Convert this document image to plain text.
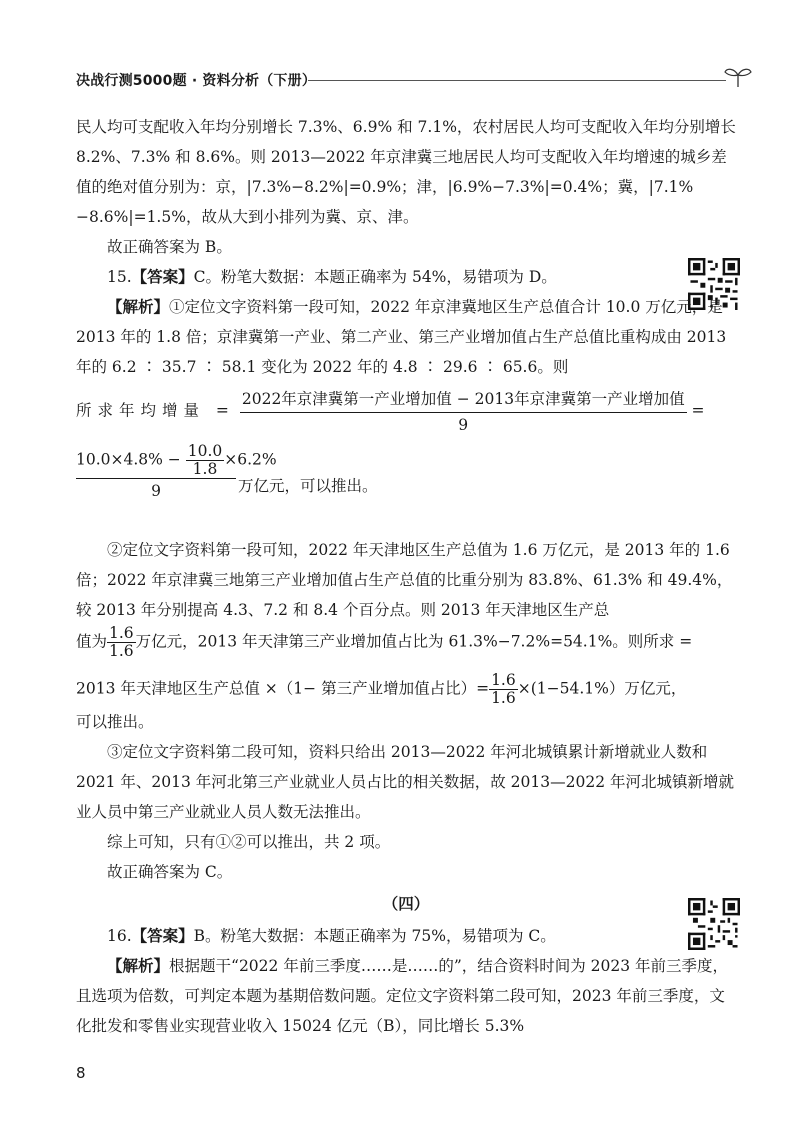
决战行测5000题 · 资料分析（下册）

民人均可支配收入年均分别增长 7.3%、6.9% 和 7.1%，农村居民人均可支配收入年均分别增长 8.2%、7.3% 和 8.6%。则 2013—2022 年京津冀三地居民人均可支配收入年均增速的城乡差值的绝对值分别为：京，|7.3%−8.2%|=0.9%；津，|6.9%−7.3%|=0.4%；冀，|7.1%−8.6%|=1.5%，故从大到小排列为冀、京、津。

故正确答案为 B。

15.【答案】C。粉笔大数据：本题正确率为 54%，易错项为 D。

【解析】①定位文字资料第一段可知，2022 年京津冀地区生产总值合计 10.0 万亿元，是 2013 年的 1.8 倍；京津冀第一产业、第二产业、第三产业增加值占生产总值比重构成由 2013 年的 6.2 ∶ 35.7 ∶ 58.1 变化为 2022 年的 4.8 ∶ 29.6 ∶ 65.6。则

所求年均增量 = $\frac{\text{2022年京津冀第一产业增加值 − 2013年京津冀第一产业增加值}}{9}$ =

$10.0\times 4.8\% - \frac{10.0}{1.8} \times 6.2\%$
9	万亿元，可以推出。

②定位文字资料第一段可知，2022 年天津地区生产总值为 1.6 万亿元，是 2013 年的 1.6 倍；2022 年京津冀三地第三产业增加值占生产总值的比重分别为 83.8%、61.3% 和 49.4%，较 2013 年分别提高 4.3、7.2 和 8.4 个百分点。则 2013 年天津地区生产总

值为 $\frac{1.6}{1.6}$ 万亿元，2013 年天津第三产业增加值占比为 61.3%−7.2%=54.1%。则所求 =

2013 年天津地区生产总值 ×（1− 第三产业增加值占比）= $\frac{1.6}{1.6} \times(1-54.1\%)$万亿元，

可以推出。

③定位文字资料第二段可知，资料只给出 2013—2022 年河北城镇累计新增就业人数和 2021 年、2013 年河北第三产业就业人员占比的相关数据，故 2013—2022 年河北城镇新增就业人员中第三产业就业人员人数无法推出。

综上可知，只有①②可以推出，共 2 项。

故正确答案为 C。

（四）

16.【答案】B。粉笔大数据：本题正确率为 75%，易错项为 C。

【解析】根据题干“2022 年前三季度……是……的”，结合资料时间为 2023 年前三季度，且选项为倍数，可判定本题为基期倍数问题。定位文字资料第二段可知，2023 年前三季度，文化批发和零售业实现营业收入 15024 亿元（B），同比增长 5.3%

8
